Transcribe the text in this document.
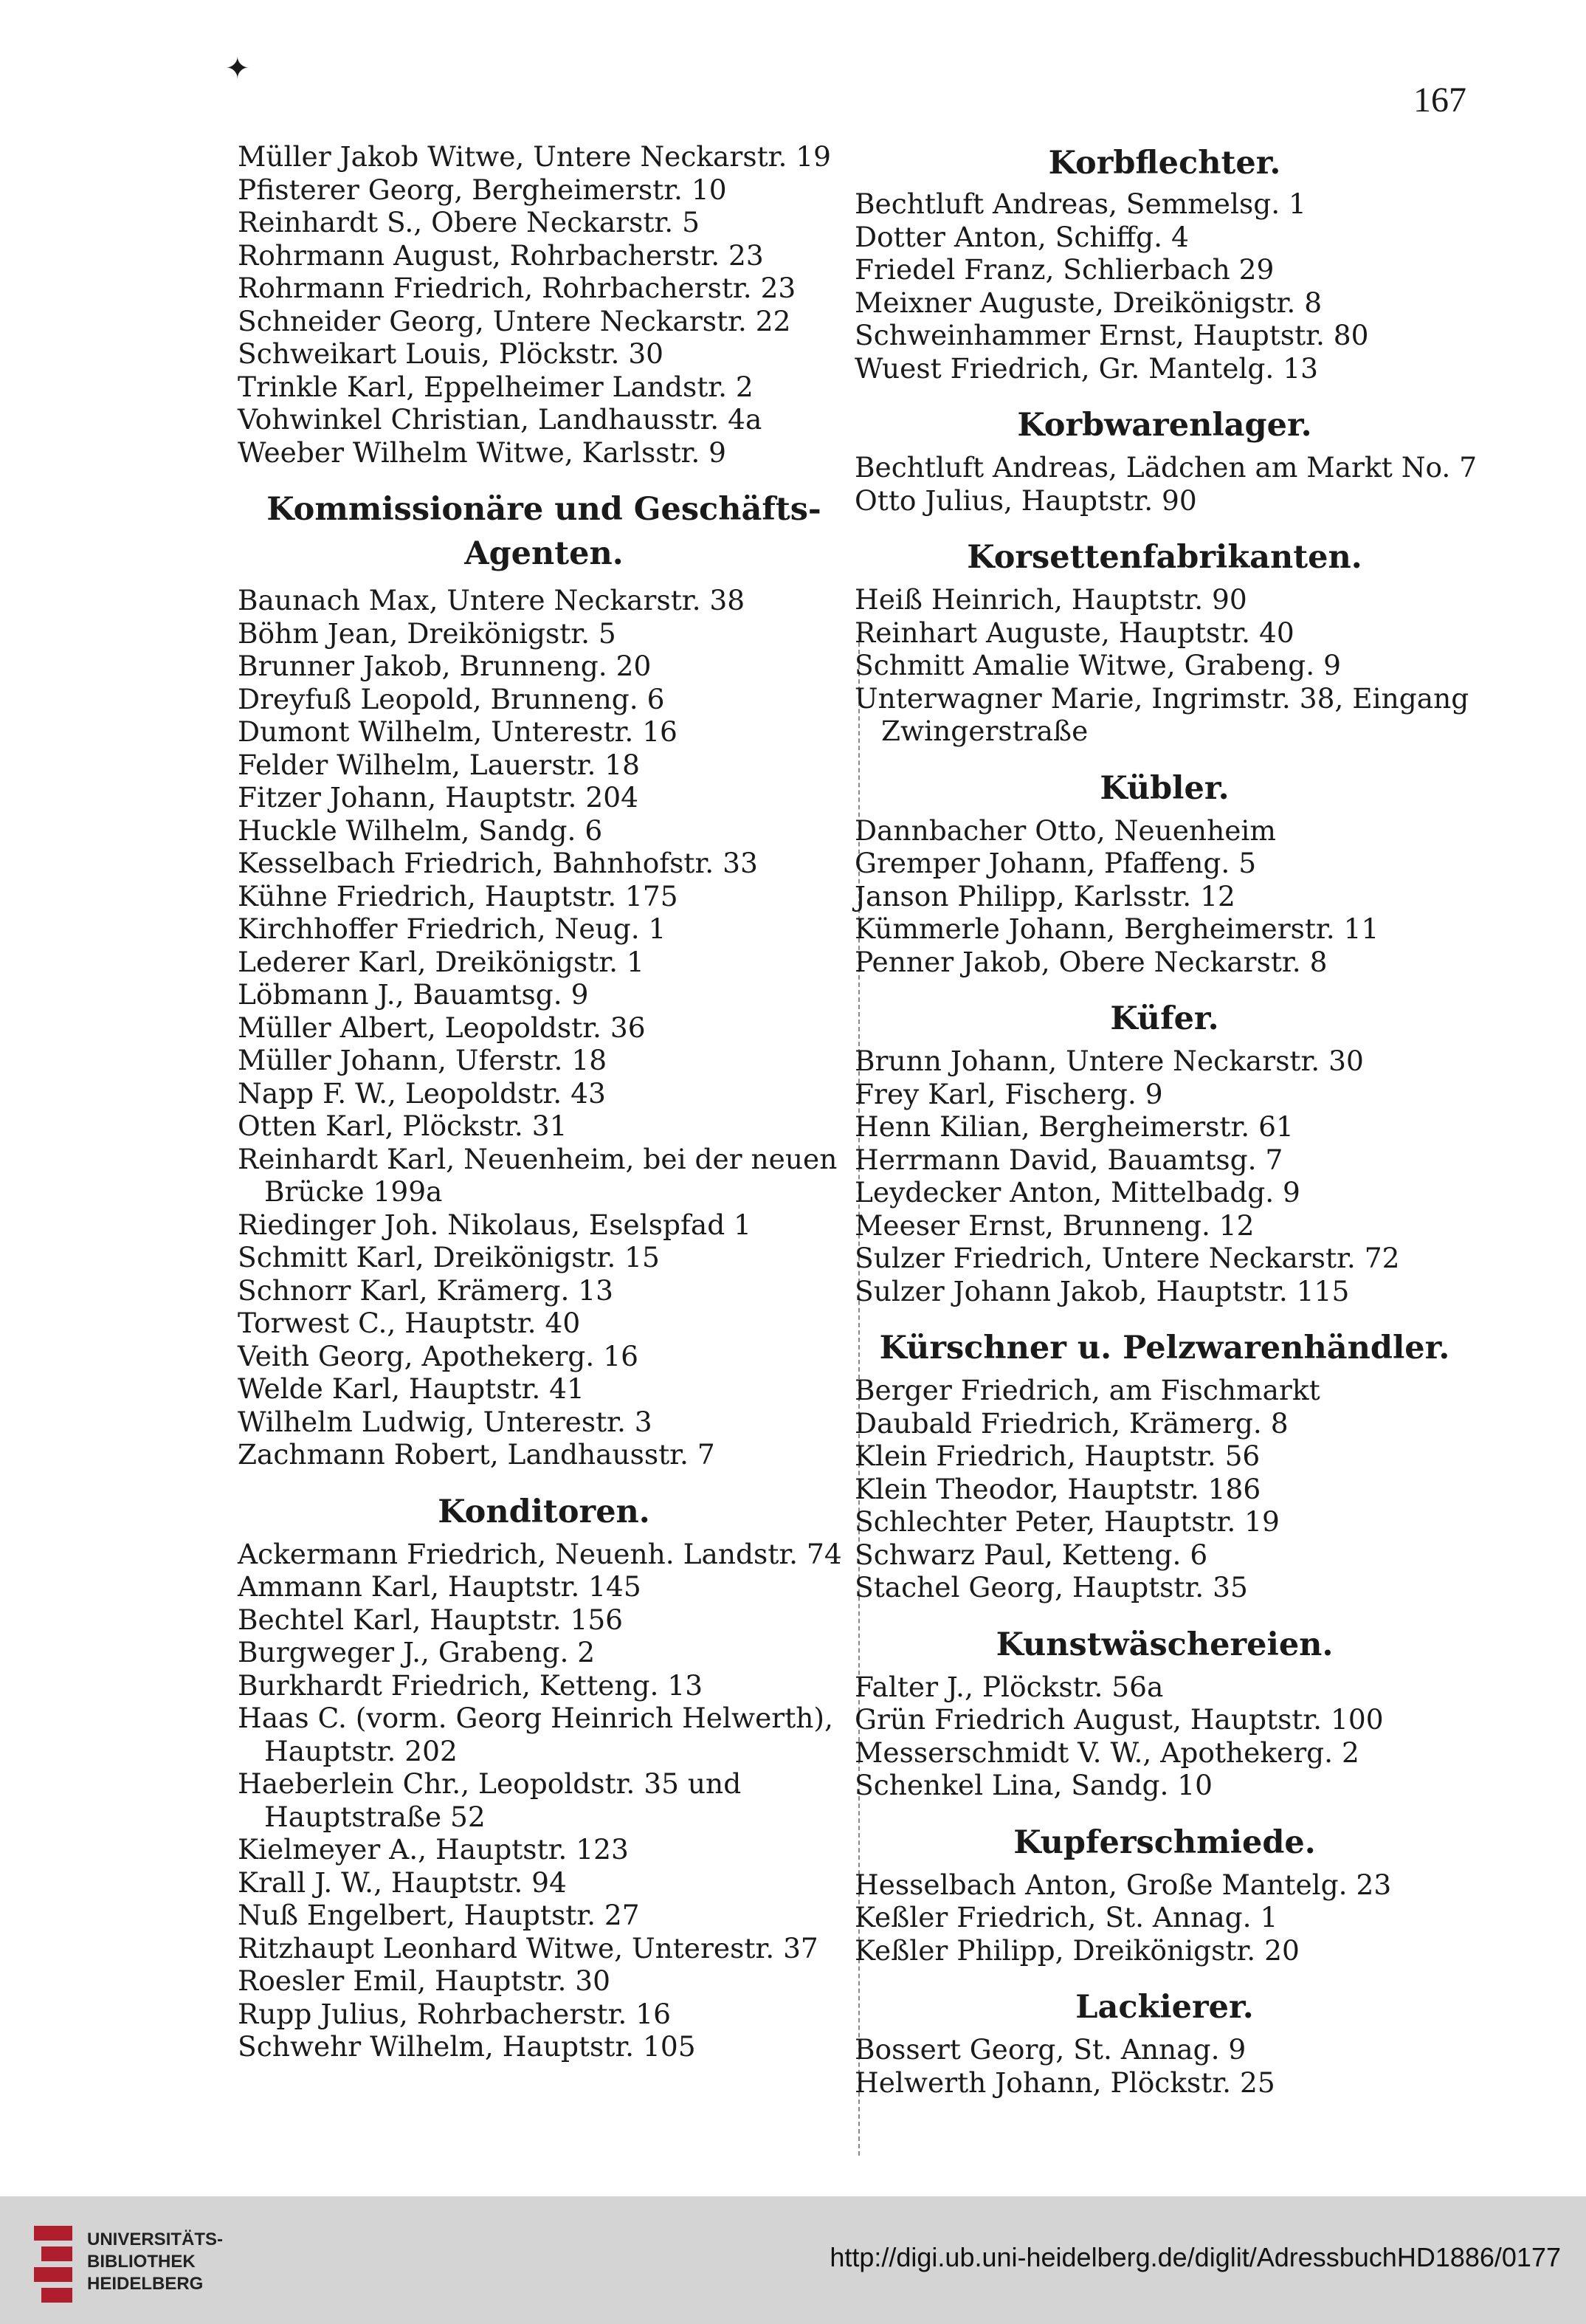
✦
167
Müller Jakob Witwe, Untere Neckarstr. 19
Pfisterer Georg, Bergheimerstr. 10
Reinhardt S., Obere Neckarstr. 5
Rohrmann August, Rohrbacherstr. 23
Rohrmann Friedrich, Rohrbacherstr. 23
Schneider Georg, Untere Neckarstr. 22
Schweikart Louis, Plöckstr. 30
Trinkle Karl, Eppelheimer Landstr. 2
Vohwinkel Christian, Landhausstr. 4a
Weeber Wilhelm Witwe, Karlsstr. 9
Kommissionäre und Geschäfts-
Agenten.
Baunach Max, Untere Neckarstr. 38
Böhm Jean, Dreikönigstr. 5
Brunner Jakob, Brunneng. 20
Dreyfuß Leopold, Brunneng. 6
Dumont Wilhelm, Unterestr. 16
Felder Wilhelm, Lauerstr. 18
Fitzer Johann, Hauptstr. 204
Huckle Wilhelm, Sandg. 6
Kesselbach Friedrich, Bahnhofstr. 33
Kühne Friedrich, Hauptstr. 175
Kirchhoffer Friedrich, Neug. 1
Lederer Karl, Dreikönigstr. 1
Löbmann J., Bauamtsg. 9
Müller Albert, Leopoldstr. 36
Müller Johann, Uferstr. 18
Napp F. W., Leopoldstr. 43
Otten Karl, Plöckstr. 31
Reinhardt Karl, Neuenheim, bei der neuen Brücke 199a
Riedinger Joh. Nikolaus, Eselspfad 1
Schmitt Karl, Dreikönigstr. 15
Schnorr Karl, Krämerg. 13
Torwest C., Hauptstr. 40
Veith Georg, Apothekerg. 16
Welde Karl, Hauptstr. 41
Wilhelm Ludwig, Unterestr. 3
Zachmann Robert, Landhausstr. 7
Konditoren.
Ackermann Friedrich, Neuenh. Landstr. 74
Ammann Karl, Hauptstr. 145
Bechtel Karl, Hauptstr. 156
Burgweger J., Grabeng. 2
Burkhardt Friedrich, Ketteng. 13
Haas C. (vorm. Georg Heinrich Helwerth), Hauptstr. 202
Haeberlein Chr., Leopoldstr. 35 und Hauptstraße 52
Kielmeyer A., Hauptstr. 123
Krall J. W., Hauptstr. 94
Nuß Engelbert, Hauptstr. 27
Ritzhaupt Leonhard Witwe, Unterestr. 37
Roesler Emil, Hauptstr. 30
Rupp Julius, Rohrbacherstr. 16
Schwehr Wilhelm, Hauptstr. 105
Korbflechter.
Bechtluft Andreas, Semmelsg. 1
Dotter Anton, Schiffg. 4
Friedel Franz, Schlierbach 29
Meixner Auguste, Dreikönigstr. 8
Schweinhammer Ernst, Hauptstr. 80
Wuest Friedrich, Gr. Mantelg. 13
Korbwarenlager.
Bechtluft Andreas, Lädchen am Markt No. 7
Otto Julius, Hauptstr. 90
Korsettenfabrikanten.
Heiß Heinrich, Hauptstr. 90
Reinhart Auguste, Hauptstr. 40
Schmitt Amalie Witwe, Grabeng. 9
Unterwagner Marie, Ingrimstr. 38, Eingang Zwingerstraße
Kübler.
Dannbacher Otto, Neuenheim
Gremper Johann, Pfaffeng. 5
Janson Philipp, Karlsstr. 12
Kümmerle Johann, Bergheimerstr. 11
Penner Jakob, Obere Neckarstr. 8
Küfer.
Brunn Johann, Untere Neckarstr. 30
Frey Karl, Fischerg. 9
Henn Kilian, Bergheimerstr. 61
Herrmann David, Bauamtsg. 7
Leydecker Anton, Mittelbadg. 9
Meeser Ernst, Brunneng. 12
Sulzer Friedrich, Untere Neckarstr. 72
Sulzer Johann Jakob, Hauptstr. 115
Kürschner u. Pelzwarenhändler.
Berger Friedrich, am Fischmarkt
Daubald Friedrich, Krämerg. 8
Klein Friedrich, Hauptstr. 56
Klein Theodor, Hauptstr. 186
Schlechter Peter, Hauptstr. 19
Schwarz Paul, Ketteng. 6
Stachel Georg, Hauptstr. 35
Kunstwäschereien.
Falter J., Plöckstr. 56a
Grün Friedrich August, Hauptstr. 100
Messerschmidt V. W., Apothekerg. 2
Schenkel Lina, Sandg. 10
Kupferschmiede.
Hesselbach Anton, Große Mantelg. 23
Keßler Friedrich, St. Annag. 1
Keßler Philipp, Dreikönigstr. 20
Lackierer.
Bossert Georg, St. Annag. 9
Helwerth Johann, Plöckstr. 25
UNIVERSITÄTS-
BIBLIOTHEK
HEIDELBERG
http://digi.ub.uni-heidelberg.de/diglit/AdressbuchHD1886/0177
